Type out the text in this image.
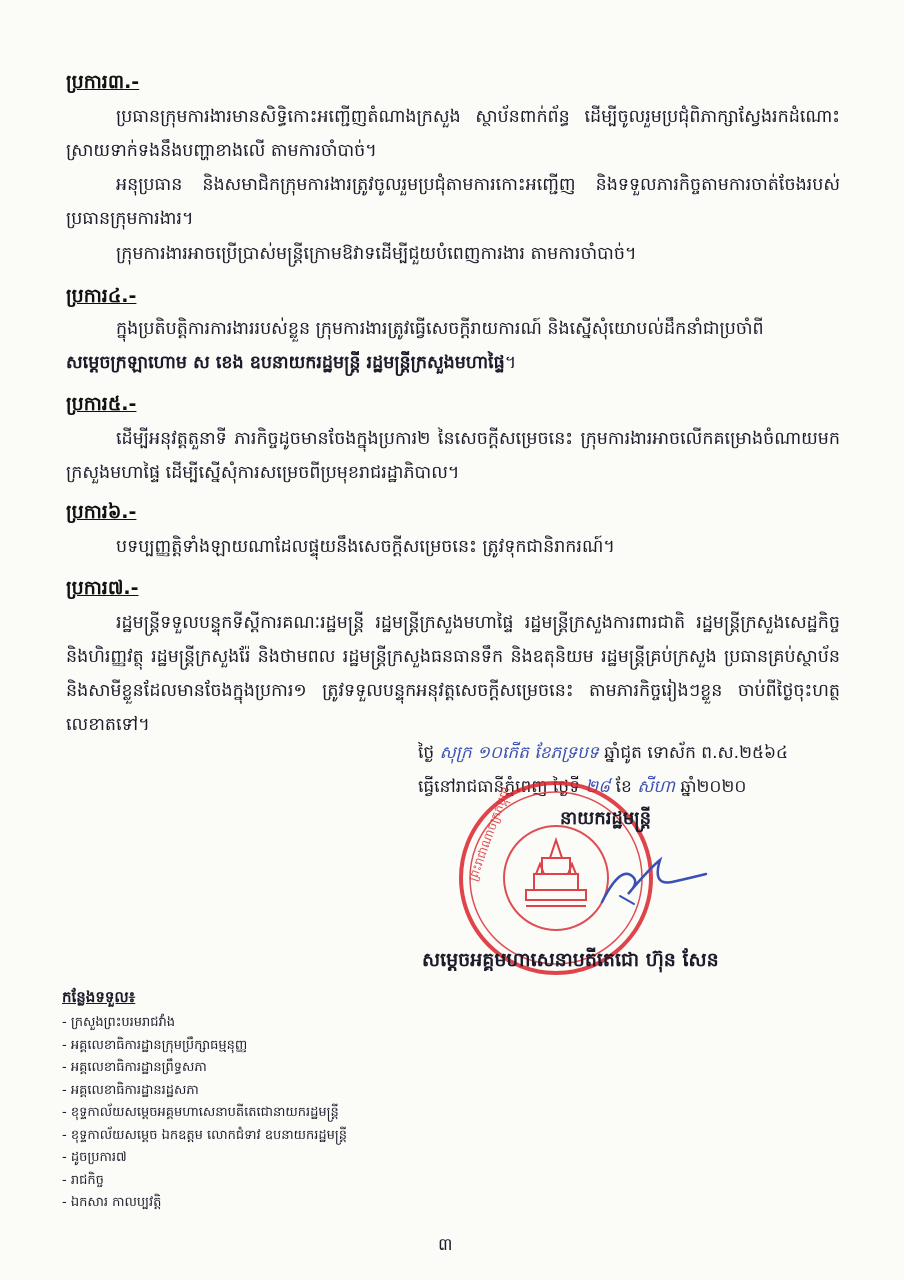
ប្រការ៣.-
ប្រធានក្រុមការងារមានសិទ្ធិកោះអញ្ជើញតំណាងក្រសួង ស្ថាប័នពាក់ព័ន្ធ ដើម្បីចូលរួមប្រជុំពិភាក្សាស្វែងរកដំណោះស្រាយទាក់ទងនឹងបញ្ហាខាងលើ តាមការចាំបាច់។
អនុប្រធាន និងសមាជិកក្រុមការងារត្រូវចូលរួមប្រជុំតាមការកោះអញ្ជើញ និងទទួលភារកិច្ចតាមការចាត់ចែងរបស់ប្រធានក្រុមការងារ។
ក្រុមការងារអាចប្រើប្រាស់មន្ត្រីក្រោមឱវាទដើម្បីជួយបំពេញការងារ តាមការចាំបាច់។
ប្រការ៤.-
ក្នុងប្រតិបត្តិការការងាររបស់ខ្លួន ក្រុមការងារត្រូវធ្វើសេចក្តីរាយការណ៍ និងស្នើសុំយោបល់ដឹកនាំជាប្រចាំពី
សម្តេចក្រឡាហោម ស ខេង ឧបនាយករដ្ឋមន្ត្រី រដ្ឋមន្ត្រីក្រសួងមហាផ្ទៃ។
ប្រការ៥.-
ដើម្បីអនុវត្តតួនាទី ភារកិច្ចដូចមានចែងក្នុងប្រការ២ នៃសេចក្តីសម្រេចនេះ ក្រុមការងារអាចលើកគម្រោងចំណាយមកក្រសួងមហាផ្ទៃ ដើម្បីស្នើសុំការសម្រេចពីប្រមុខរាជរដ្ឋាភិបាល។
ប្រការ៦.-
បទប្បញ្ញត្តិទាំងឡាយណាដែលផ្ទុយនឹងសេចក្តីសម្រេចនេះ ត្រូវទុកជានិរាករណ៍។
ប្រការ៧.-
រដ្ឋមន្ត្រីទទួលបន្ទុកទីស្តីការគណៈរដ្ឋមន្ត្រី រដ្ឋមន្ត្រីក្រសួងមហាផ្ទៃ រដ្ឋមន្ត្រីក្រសួងការពារជាតិ រដ្ឋមន្ត្រីក្រសួងសេដ្ឋកិច្ច និងហិរញ្ញវត្ថុ រដ្ឋមន្ត្រីក្រសួងរ៉ែ និងថាមពល រដ្ឋមន្ត្រីក្រសួងធនធានទឹក និងឧតុនិយម រដ្ឋមន្ត្រីគ្រប់ក្រសួង ប្រធានគ្រប់ស្ថាប័ន និងសាមីខ្លួនដែលមានចែងក្នុងប្រការ១ ត្រូវទទួលបន្ទុកអនុវត្តសេចក្តីសម្រេចនេះ តាមភារកិច្ចរៀងៗខ្លួន ចាប់ពីថ្ងៃចុះហត្ថលេខាតទៅ។
ថ្ងៃ សុក្រ ១០កើត ខែភទ្របទ ឆ្នាំជូត ទោស័ក ព.ស.២៥៦៤
ធ្វើនៅរាជធានីភ្នំពេញ ថ្ងៃទី ២៨ ខែ សីហា ឆ្នាំ២០២០
ព្រះរាជាណាចក្រកម្ពុជា	នាយករដ្ឋមន្ត្រី
សម្តេចអគ្គមហាសេនាបតីតេជោ ហ៊ុន សែន
កន្លែងទទួល៖
- ក្រសួងព្រះបរមរាជវាំង
- អគ្គលេខាធិការដ្ឋានក្រុមប្រឹក្សាធម្មនុញ្ញ
- អគ្គលេខាធិការដ្ឋានព្រឹទ្ធសភា
- អគ្គលេខាធិការដ្ឋានរដ្ឋសភា
- ខុទ្ទកាល័យសម្តេចអគ្គមហាសេនាបតីតេជោនាយករដ្ឋមន្ត្រី
- ខុទ្ទកាល័យសម្តេច ឯកឧត្តម លោកជំទាវ ឧបនាយករដ្ឋមន្ត្រី
- ដូចប្រការ៧
- រាជកិច្ច
- ឯកសារ កាលប្បវត្តិ
៣
